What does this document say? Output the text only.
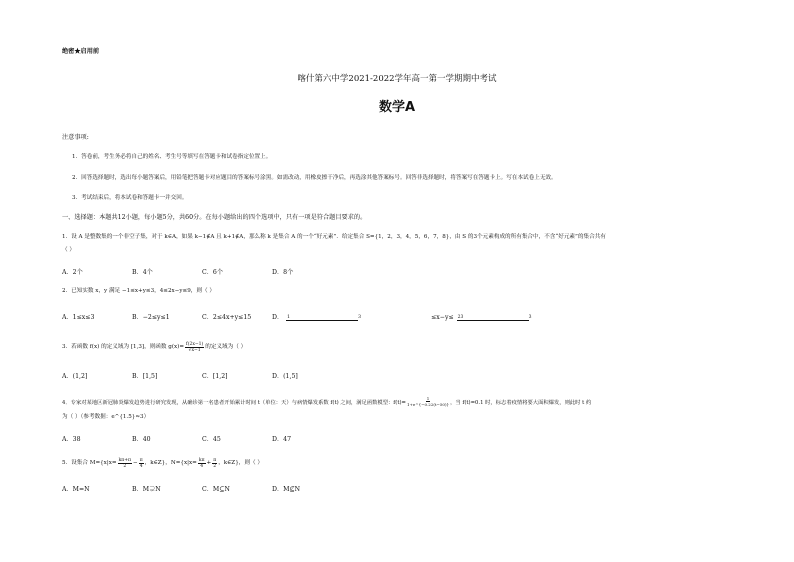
绝密★启用前
喀什第六中学2021-2022学年高一第一学期期中考试
数学A
注意事项:
1．答卷前，考生务必将自己的姓名、考生号等填写在答题卡和试卷指定位置上。
2．回答选择题时，选出每小题答案后，用铅笔把答题卡对应题目的答案标号涂黑。如需改动，用橡皮擦干净后，再选涂其他答案标号。回答非选择题时，将答案写在答题卡上。写在本试卷上无效。
3．考试结束后，将本试卷和答题卡一并交回。
一、选择题：本题共12小题，每小题5分，共60分。在每小题给出的四个选项中，只有一项是符合题目要求的。
1．设 A 是整数集的一个非空子集，对于 k∈A，如果 k−1∉A 且 k+1∉A，那么称 k 是集合 A 的一个“好元素”．给定集合 S={1，2，3，4，5，6，7，8}，由 S 的3个元素构成的所有集合中，不含“好元素”的集合共有
（ ）
A．2个	B．4个	C．6个	D．8个
2．已知实数 x，y 满足 −1≤x+y≤3，4≤2x−y≤9，则（ ）
A．1≤x≤3	B．−2≤y≤1	C．2≤4x+y≤15	D． 1	3	≤x−y≤ 23	3
3．若函数 f(x) 的定义域为 [1,3]，则函数 $g(x)= \frac{f(2x-1)}{√x-1}$ 的定义域为（ ）
A．(1,2]	B．[1,5]	C．[1,2]	D．(1,5]
4．专家对某地区新冠肺炎爆发趋势进行研究发现，从确诊第一名患者开始累计时间 t（单位：天）与病情爆发系数 f(t) 之间，满足函数模型：$f(t)= \frac{1}{1+e\^{}\{-0.22(t-50)\}}$ ，当 f(t)=0.1 时，标志着疫情将要大面积爆发，则此时 t 约
为（ ）（参考数据：e^{1.5}≈3）
A．38	B．40	C．45	D．47
5．设集合 $M=\{x|x= \frac{k\pi+\pi}{2} - \frac{\pi}{4}$ ，k∈Z}，$N=\{x|x= \frac{k\pi}{4} + \frac{\pi}{2}$ ，k∈Z}，则（ ）
A．M=N	B．M⊋N	C．M⊆N	D．M⊈N
